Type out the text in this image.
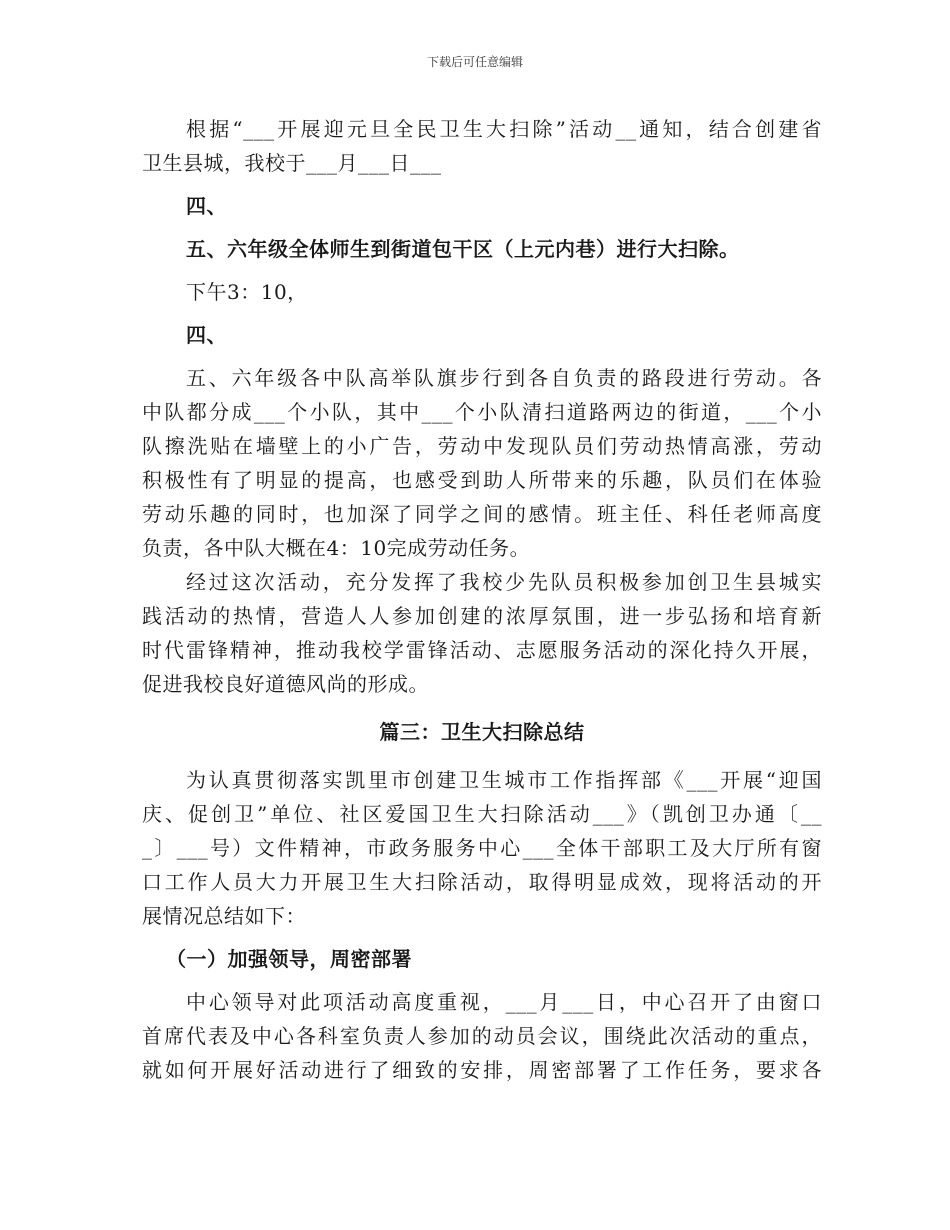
下载后可任意编辑
根据“___开展迎元旦全民卫生大扫除”活动__通知，结合创建省
卫生县城，我校于___月___日___
四、
五、六年级全体师生到街道包干区（上元内巷）进行大扫除。
下午3：10，
四、
五、六年级各中队高举队旗步行到各自负责的路段进行劳动。各
中队都分成___个小队，其中___个小队清扫道路两边的街道，___个小
队擦洗贴在墙壁上的小广告，劳动中发现队员们劳动热情高涨，劳动
积极性有了明显的提高，也感受到助人所带来的乐趣，队员们在体验
劳动乐趣的同时，也加深了同学之间的感情。班主任、科任老师高度
负责，各中队大概在4：10完成劳动任务。
经过这次活动，充分发挥了我校少先队员积极参加创卫生县城实
践活动的热情，营造人人参加创建的浓厚氛围，进一步弘扬和培育新
时代雷锋精神，推动我校学雷锋活动、志愿服务活动的深化持久开展，
促进我校良好道德风尚的形成。
篇三：卫生大扫除总结
为认真贯彻落实凯里市创建卫生城市工作指挥部《___开展“迎国
庆、促创卫”单位、社区爱国卫生大扫除活动___》（凯创卫办通〔__
_〕___号）文件精神，市政务服务中心___全体干部职工及大厅所有窗
口工作人员大力开展卫生大扫除活动，取得明显成效，现将活动的开
展情况总结如下：
（一）加强领导，周密部署
中心领导对此项活动高度重视，___月___日，中心召开了由窗口
首席代表及中心各科室负责人参加的动员会议，围绕此次活动的重点，
就如何开展好活动进行了细致的安排，周密部署了工作任务，要求各
